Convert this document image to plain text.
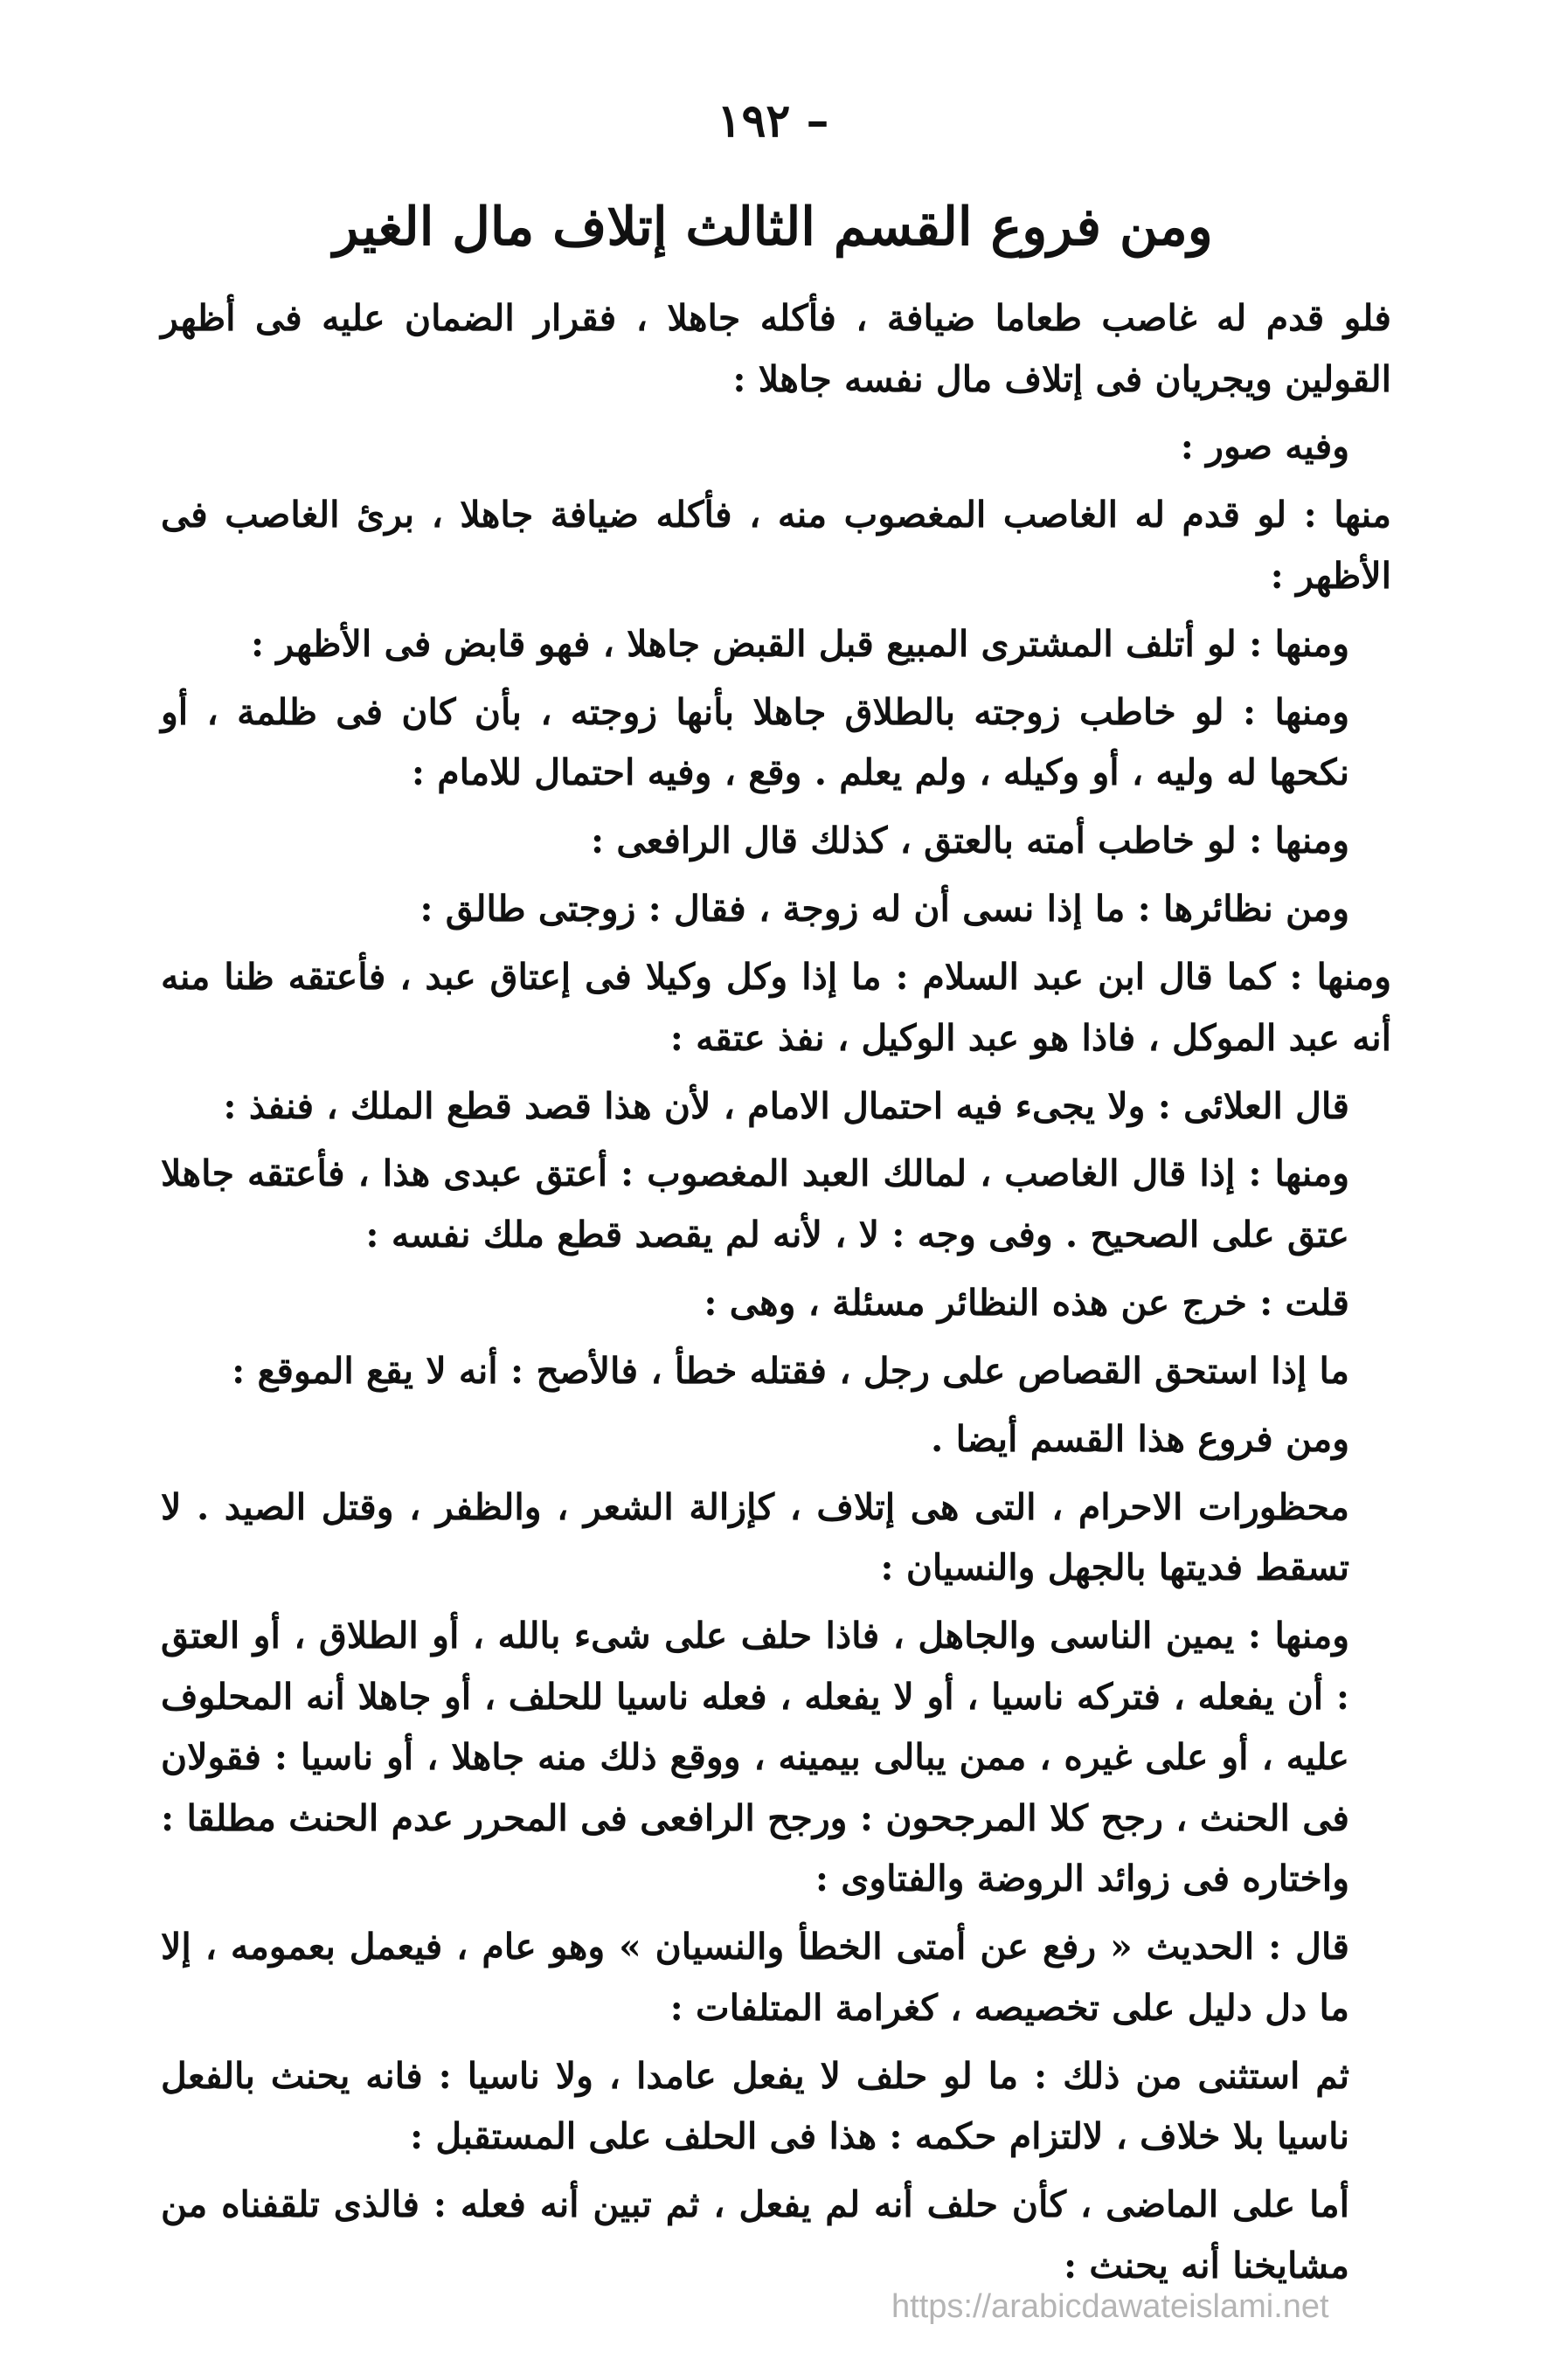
– ١٩٢
ومن فروع القسم الثالث إتلاف مال الغير

فلو قدم له غاصب طعاما ضيافة ، فأكله جاهلا ، فقرار الضمان عليه فى أظهر القولين ويجريان فى إتلاف مال نفسه جاهلا :

وفيه صور :

منها : لو قدم له الغاصب المغصوب منه ، فأكله ضيافة جاهلا ، برئ الغاصب فى الأظهر :

ومنها : لو أتلف المشترى المبيع قبل القبض جاهلا ، فهو قابض فى الأظهر :

ومنها : لو خاطب زوجته بالطلاق جاهلا بأنها زوجته ، بأن كان فى ظلمة ، أو نكحها له وليه ، أو وكيله ، ولم يعلم . وقع ، وفيه احتمال للامام :

ومنها : لو خاطب أمته بالعتق ، كذلك قال الرافعى :

ومن نظائرها : ما إذا نسى أن له زوجة ، فقال : زوجتى طالق :

ومنها : كما قال ابن عبد السلام : ما إذا وكل وكيلا فى إعتاق عبد ، فأعتقه ظنا منه أنه عبد الموكل ، فاذا هو عبد الوكيل ، نفذ عتقه :

قال العلائى : ولا يجىء فيه احتمال الامام ، لأن هذا قصد قطع الملك ، فنفذ :

ومنها : إذا قال الغاصب ، لمالك العبد المغصوب : أعتق عبدى هذا ، فأعتقه جاهلا عتق على الصحيح . وفى وجه : لا ، لأنه لم يقصد قطع ملك نفسه :

قلت : خرج عن هذه النظائر مسئلة ، وهى :

ما إذا استحق القصاص على رجل ، فقتله خطأ ، فالأصح : أنه لا يقع الموقع :

ومن فروع هذا القسم أيضا .

محظورات الاحرام ، التى هى إتلاف ، كإزالة الشعر ، والظفر ، وقتل الصيد . لا تسقط فديتها بالجهل والنسيان :

ومنها : يمين الناسى والجاهل ، فاذا حلف على شىء بالله ، أو الطلاق ، أو العتق : أن يفعله ، فتركه ناسيا ، أو لا يفعله ، فعله ناسيا للحلف ، أو جاهلا أنه المحلوف عليه ، أو على غيره ، ممن يبالى بيمينه ، ووقع ذلك منه جاهلا ، أو ناسيا : فقولان فى الحنث ، رجح كلا المرجحون : ورجح الرافعى فى المحرر عدم الحنث مطلقا : واختاره فى زوائد الروضة والفتاوى :

قال : الحديث « رفع عن أمتى الخطأ والنسيان » وهو عام ، فيعمل بعمومه ، إلا ما دل دليل على تخصيصه ، كغرامة المتلفات :

ثم استثنى من ذلك : ما لو حلف لا يفعل عامدا ، ولا ناسيا : فانه يحنث بالفعل ناسيا بلا خلاف ، لالتزام حكمه : هذا فى الحلف على المستقبل :

أما على الماضى ، كأن حلف أنه لم يفعل ، ثم تبين أنه فعله : فالذى تلقفناه من مشايخنا أنه يحنث :

https://arabicdawateislami.net
